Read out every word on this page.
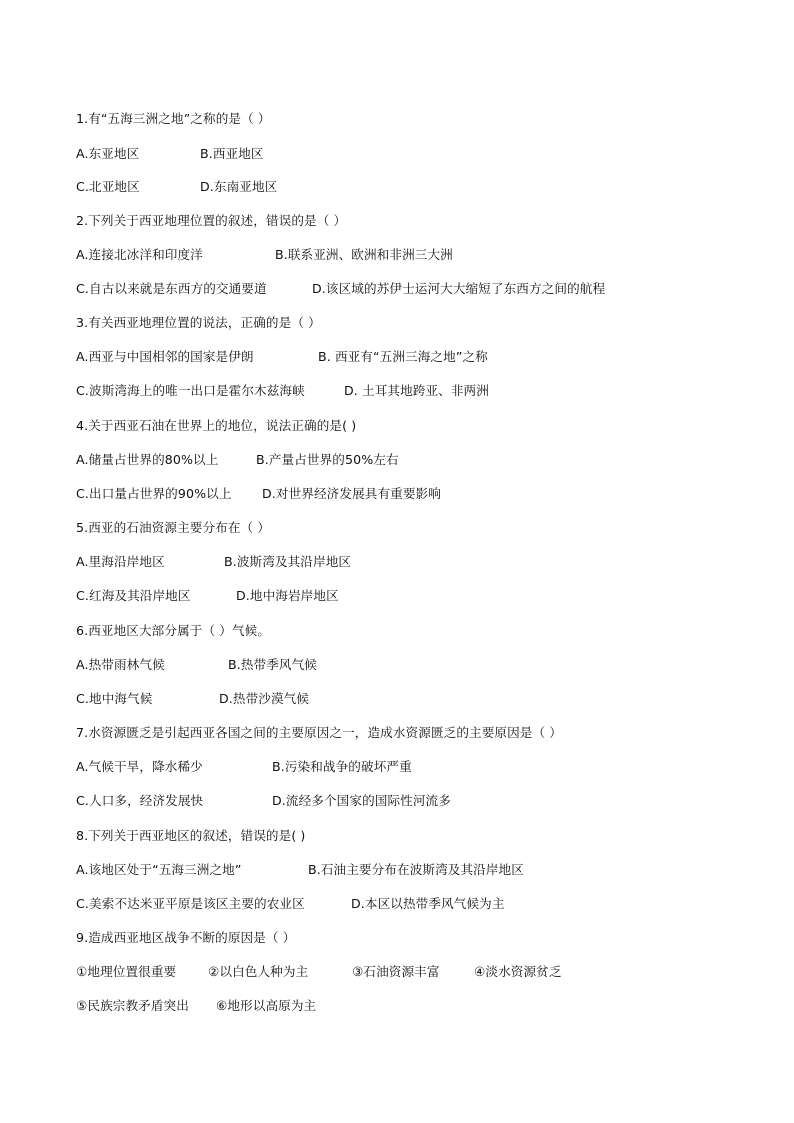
1.有“五海三洲之地”之称的是（ ）
A.东亚地区	B.西亚地区
C.北亚地区	D.东南亚地区
2.下列关于西亚地理位置的叙述，错误的是（ ）
A.连接北冰洋和印度洋	B.联系亚洲、欧洲和非洲三大洲
C.自古以来就是东西方的交通要道	D.该区域的苏伊士运河大大缩短了东西方之间的航程
3.有关西亚地理位置的说法，正确的是（ ）
A.西亚与中国相邻的国家是伊朗	B. 西亚有“五洲三海之地”之称
C.波斯湾海上的唯一出口是霍尔木兹海峡	D. 土耳其地跨亚、非两洲
4.关于西亚石油在世界上的地位，说法正确的是( )
A.储量占世界的80%以上	B.产量占世界的50%左右
C.出口量占世界的90%以上 D.对世界经济发展具有重要影响
5.西亚的石油资源主要分布在（ ）
A.里海沿岸地区	B.波斯湾及其沿岸地区
C.红海及其沿岸地区	D.地中海岩岸地区
6.西亚地区大部分属于（ ）气候。
A.热带雨林气候	B.热带季风气候
C.地中海气候	D.热带沙漠气候
7.水资源匮乏是引起西亚各国之间的主要原因之一，造成水资源匮乏的主要原因是（ ）
A.气候干旱，降水稀少	B.污染和战争的破坏严重
C.人口多，经济发展快	D.流经多个国家的国际性河流多
8.下列关于西亚地区的叙述，错误的是( )
A.该地区处于“五海三洲之地”	B.石油主要分布在波斯湾及其沿岸地区
C.美索不达米亚平原是该区主要的农业区	D.本区以热带季风气候为主
9.造成西亚地区战争不断的原因是（ ）
①地理位置很重要	②以白色人种为主	③石油资源丰富	④淡水资源贫乏
⑤民族宗教矛盾突出 ⑥地形以高原为主
